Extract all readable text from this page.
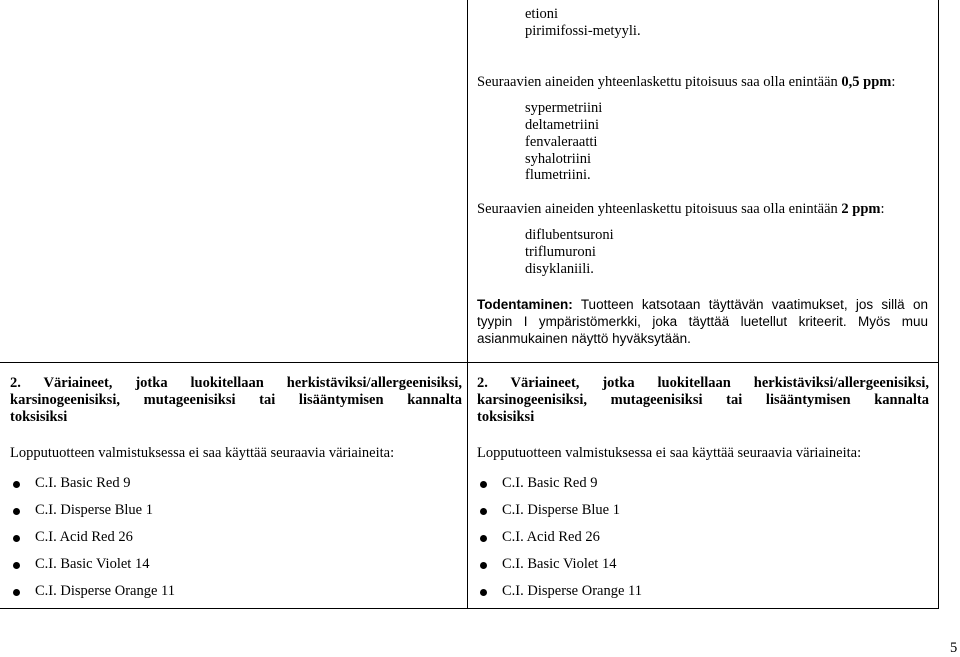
etioni
pirimifossi-metyyli.
Seuraavien aineiden yhteenlaskettu pitoisuus saa olla enintään 0,5 ppm:
sypermetriini
deltametriini
fenvaleraatti
syhalotriini
flumetriini.
Seuraavien aineiden yhteenlaskettu pitoisuus saa olla enintään 2 ppm:
diflubentsuroni
triflumuroni
disyklaniili.
Todentaminen: Tuotteen katsotaan täyttävän vaatimukset, jos sillä on
tyypin I ympäristömerkki, joka täyttää luetellut kriteerit. Myös muu
asianmukainen näyttö hyväksytään.
2. Väriaineet, jotka luokitellaan herkistäviksi/allergeenisiksi,
karsinogeenisiksi, mutageenisiksi tai lisääntymisen kannalta
toksisiksi
Lopputuotteen valmistuksessa ei saa käyttää seuraavia väriaineita:
C.I. Basic Red 9
C.I. Disperse Blue 1
C.I. Acid Red 26
C.I. Basic Violet 14
C.I. Disperse Orange 11
2. Väriaineet, jotka luokitellaan herkistäviksi/allergeenisiksi,
karsinogeenisiksi, mutageenisiksi tai lisääntymisen kannalta
toksisiksi
Lopputuotteen valmistuksessa ei saa käyttää seuraavia väriaineita:
C.I. Basic Red 9
C.I. Disperse Blue 1
C.I. Acid Red 26
C.I. Basic Violet 14
C.I. Disperse Orange 11
5
